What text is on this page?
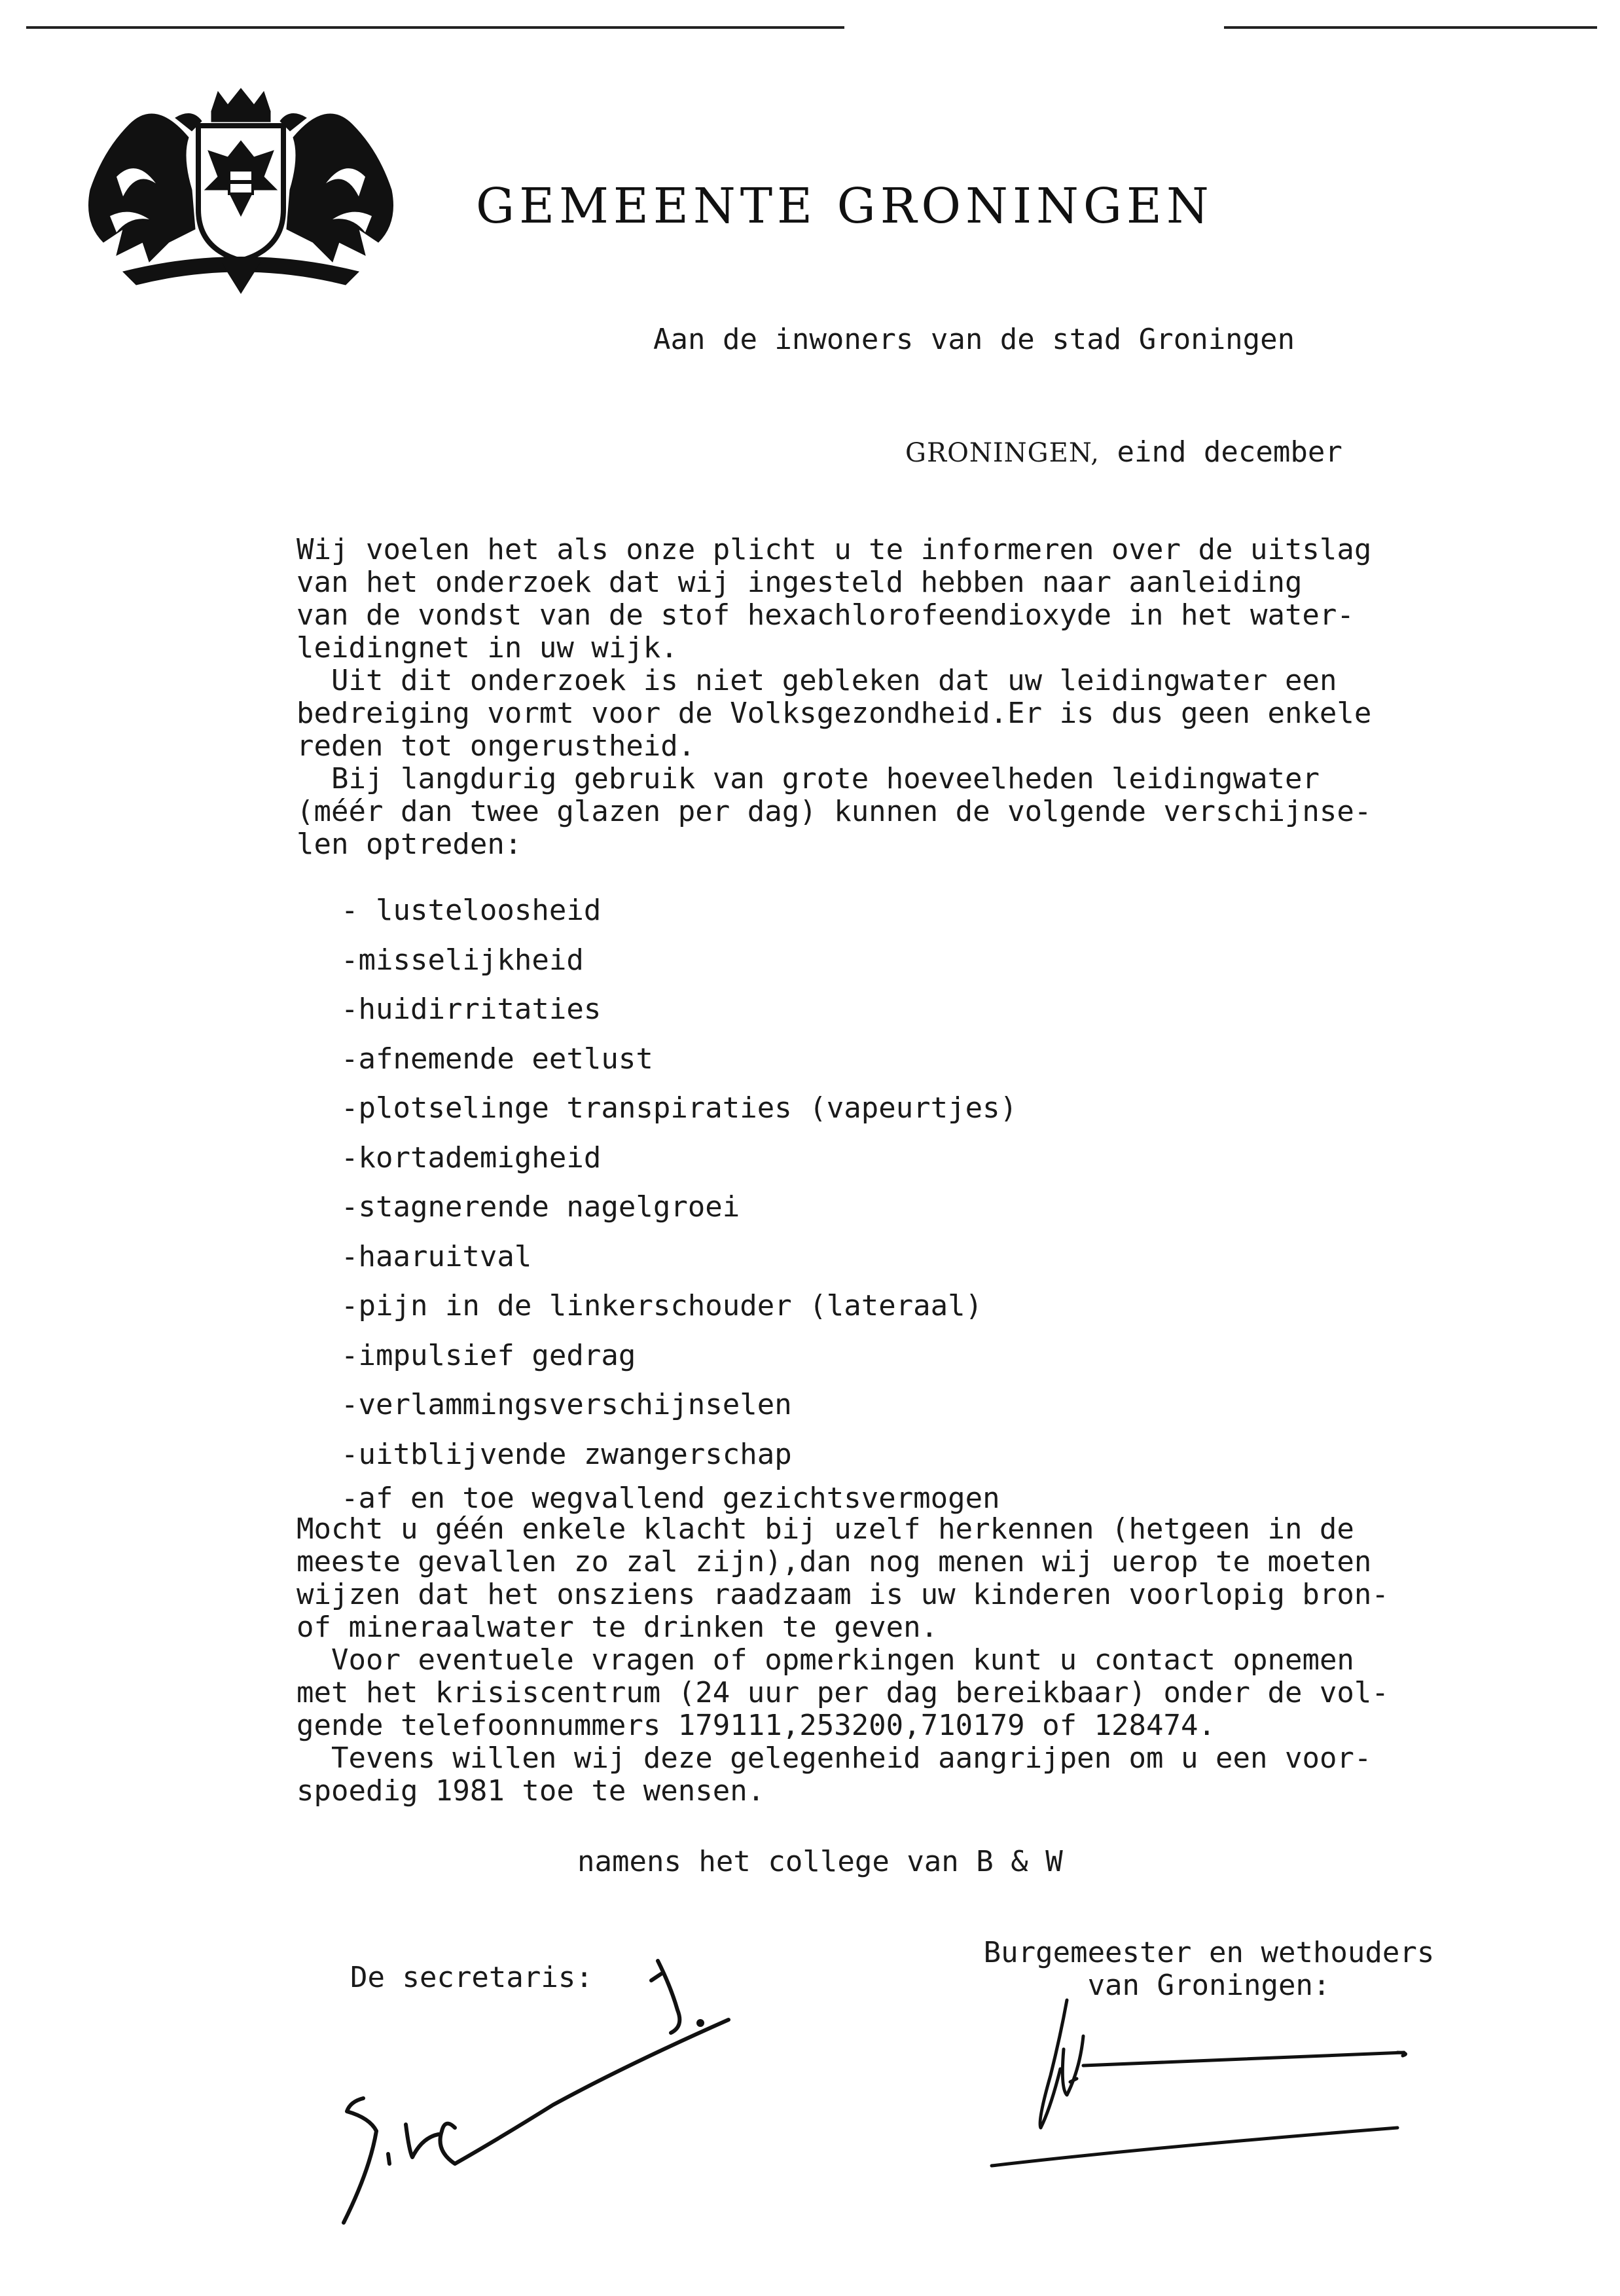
GEMEENTE GRONINGEN
Aan de inwoners van de stad Groningen
GRONINGEN, eind december

Wij voelen het als onze plicht u te informeren over de uitslag

van het onderzoek dat wij ingesteld hebben naar aanleiding

van de vondst van de stof hexachlorofeendioxyde in het water-

leidingnet in uw wijk.

Uit dit onderzoek is niet gebleken dat uw leidingwater een

bedreiging vormt voor de Volksgezondheid.Er is dus geen enkele

reden tot ongerustheid.

Bij langdurig gebruik van grote hoeveelheden leidingwater

(méér dan twee glazen per dag) kunnen de volgende verschijnse-

len optreden:

- lusteloosheid
-misselijkheid
-huidirritaties
-afnemende eetlust
-plotselinge transpiraties (vapeurtjes)
-kortademigheid
-stagnerende nagelgroei
-haaruitval
-pijn in de linkerschouder (lateraal)
-impulsief gedrag
-verlammingsverschijnselen
-uitblijvende zwangerschap
-af en toe wegvallend gezichtsvermogen

Mocht u géén enkele klacht bij uzelf herkennen (hetgeen in de

meeste gevallen zo zal zijn),dan nog menen wij uerop te moeten

wijzen dat het onsziens raadzaam is uw kinderen voorlopig bron-

of mineraalwater te drinken te geven.

Voor eventuele vragen of opmerkingen kunt u contact opnemen

met het krisiscentrum (24 uur per dag bereikbaar) onder de vol-

gende telefoonnummers 179111,253200,710179 of 128474.

Tevens willen wij deze gelegenheid aangrijpen om u een voor-

spoedig 1981 toe te wensen.

namens het college van B & W
De secretaris:
Burgemeester en wethouders
van Groningen:
